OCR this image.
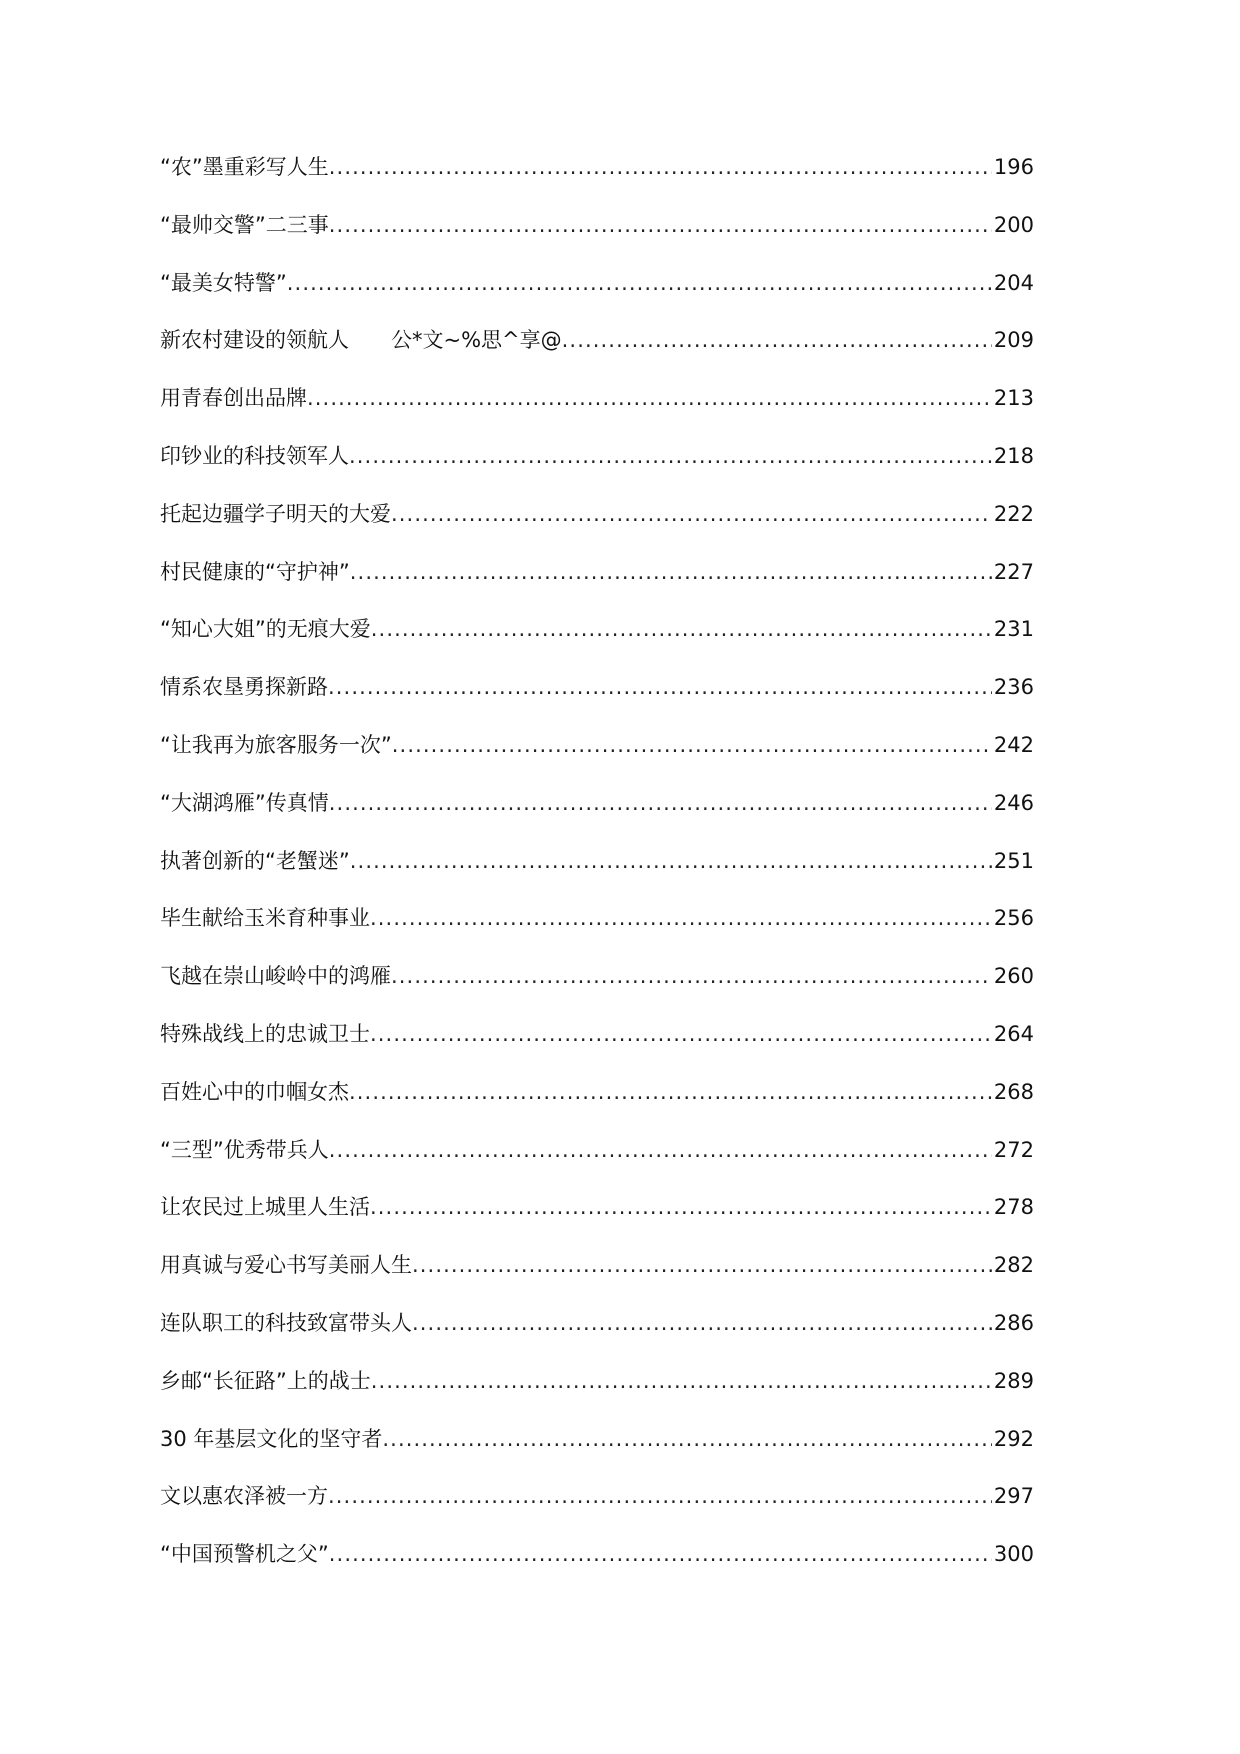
“农”墨重彩写人生 .....	196
“最帅交警”二三事 .....	200
“最美女特警” .....	204
新农村建设的领航人　　公*文~%思^享@ .....	209
用青春创出品牌 .....	213
印钞业的科技领军人 .....	218
托起边疆学子明天的大爱 .....	222
村民健康的“守护神” .....	227
“知心大姐”的无痕大爱 .....	231
情系农垦勇探新路 .....	236
“让我再为旅客服务一次” .....	242
“大湖鸿雁”传真情 .....	246
执著创新的“老蟹迷” .....	251
毕生献给玉米育种事业 .....	256
飞越在崇山峻岭中的鸿雁 .....	260
特殊战线上的忠诚卫士 .....	264
百姓心中的巾帼女杰 .....	268
“三型”优秀带兵人 .....	272
让农民过上城里人生活 .....	278
用真诚与爱心书写美丽人生 .....	282
连队职工的科技致富带头人 .....	286
乡邮“长征路”上的战士 .....	289
30 年基层文化的坚守者 .....	292
文以惠农泽被一方 .....	297
“中国预警机之父” .....	300
